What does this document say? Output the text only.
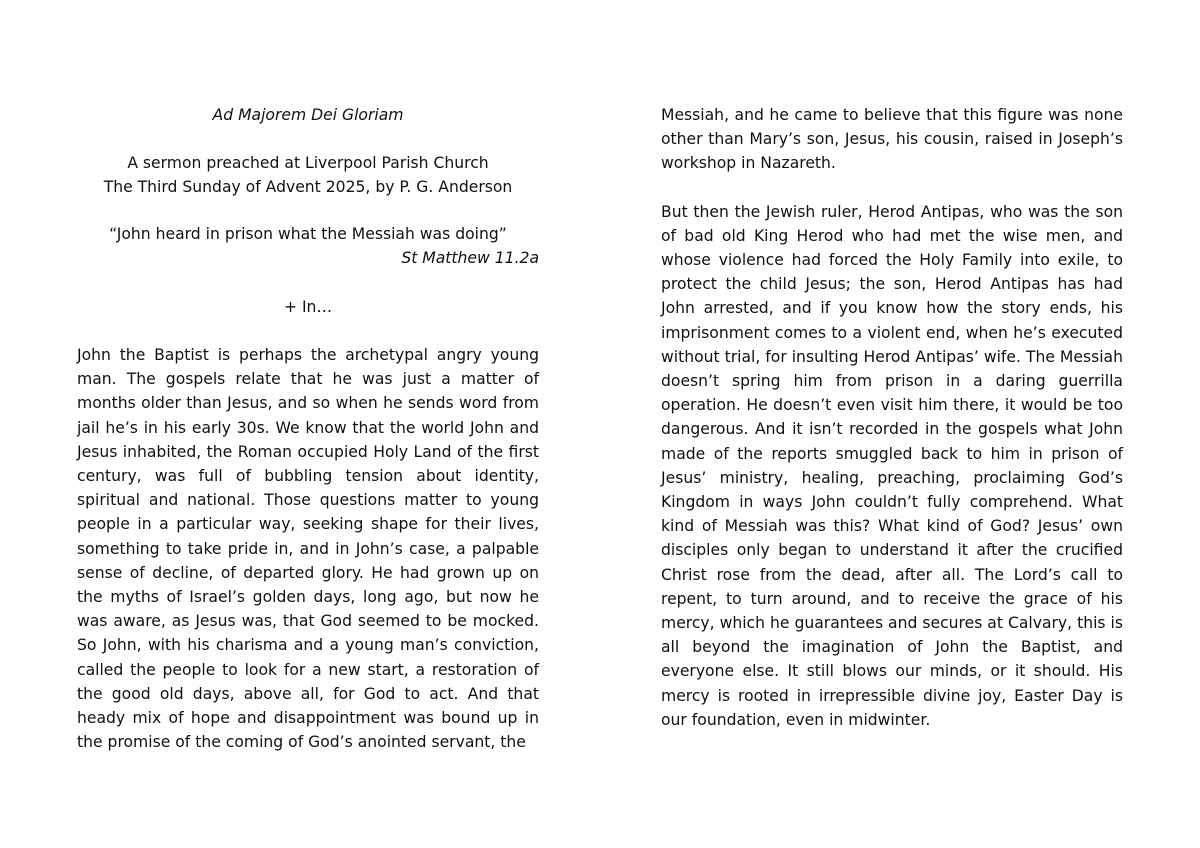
Ad Majorem Dei Gloriam
A sermon preached at Liverpool Parish Church
The Third Sunday of Advent 2025, by P. G. Anderson
“John heard in prison what the Messiah was doing”
St Matthew 11.2a
+ In…

John the Baptist is perhaps the archetypal angry young man. The gospels relate that he was just a matter of months older than Jesus, and so when he sends word from jail he’s in his early 30s. We know that the world John and Jesus inhabited, the Roman occupied Holy Land of the first century, was full of bubbling tension about identity, spiritual and national. Those questions matter to young people in a particular way, seeking shape for their lives, something to take pride in, and in John’s case, a palpable sense of decline, of departed glory. He had grown up on the myths of Israel’s golden days, long ago, but now he was aware, as Jesus was, that God seemed to be mocked. So John, with his charisma and a young man’s conviction, called the people to look for a new start, a restoration of the good old days, above all, for God to act. And that heady mix of hope and disappointment was bound up in the promise of the coming of God’s anointed servant, the

Messiah, and he came to believe that this figure was none other than Mary’s son, Jesus, his cousin, raised in Joseph’s workshop in Nazareth.

But then the Jewish ruler, Herod Antipas, who was the son of bad old King Herod who had met the wise men, and whose violence had forced the Holy Family into exile, to protect the child Jesus; the son, Herod Antipas has had John arrested, and if you know how the story ends, his imprisonment comes to a violent end, when he’s executed without trial, for insulting Herod Antipas’ wife. The Messiah doesn’t spring him from prison in a daring guerrilla operation. He doesn’t even visit him there, it would be too dangerous. And it isn’t recorded in the gospels what John made of the reports smuggled back to him in prison of Jesus’ ministry, healing, preaching, proclaiming God’s Kingdom in ways John couldn’t fully comprehend. What kind of Messiah was this? What kind of God? Jesus’ own disciples only began to understand it after the crucified Christ rose from the dead, after all. The Lord’s call to repent, to turn around, and to receive the grace of his mercy, which he guarantees and secures at Calvary, this is all beyond the imagination of John the Baptist, and everyone else. It still blows our minds, or it should. His mercy is rooted in irrepressible divine joy, Easter Day is our foundation, even in midwinter.
